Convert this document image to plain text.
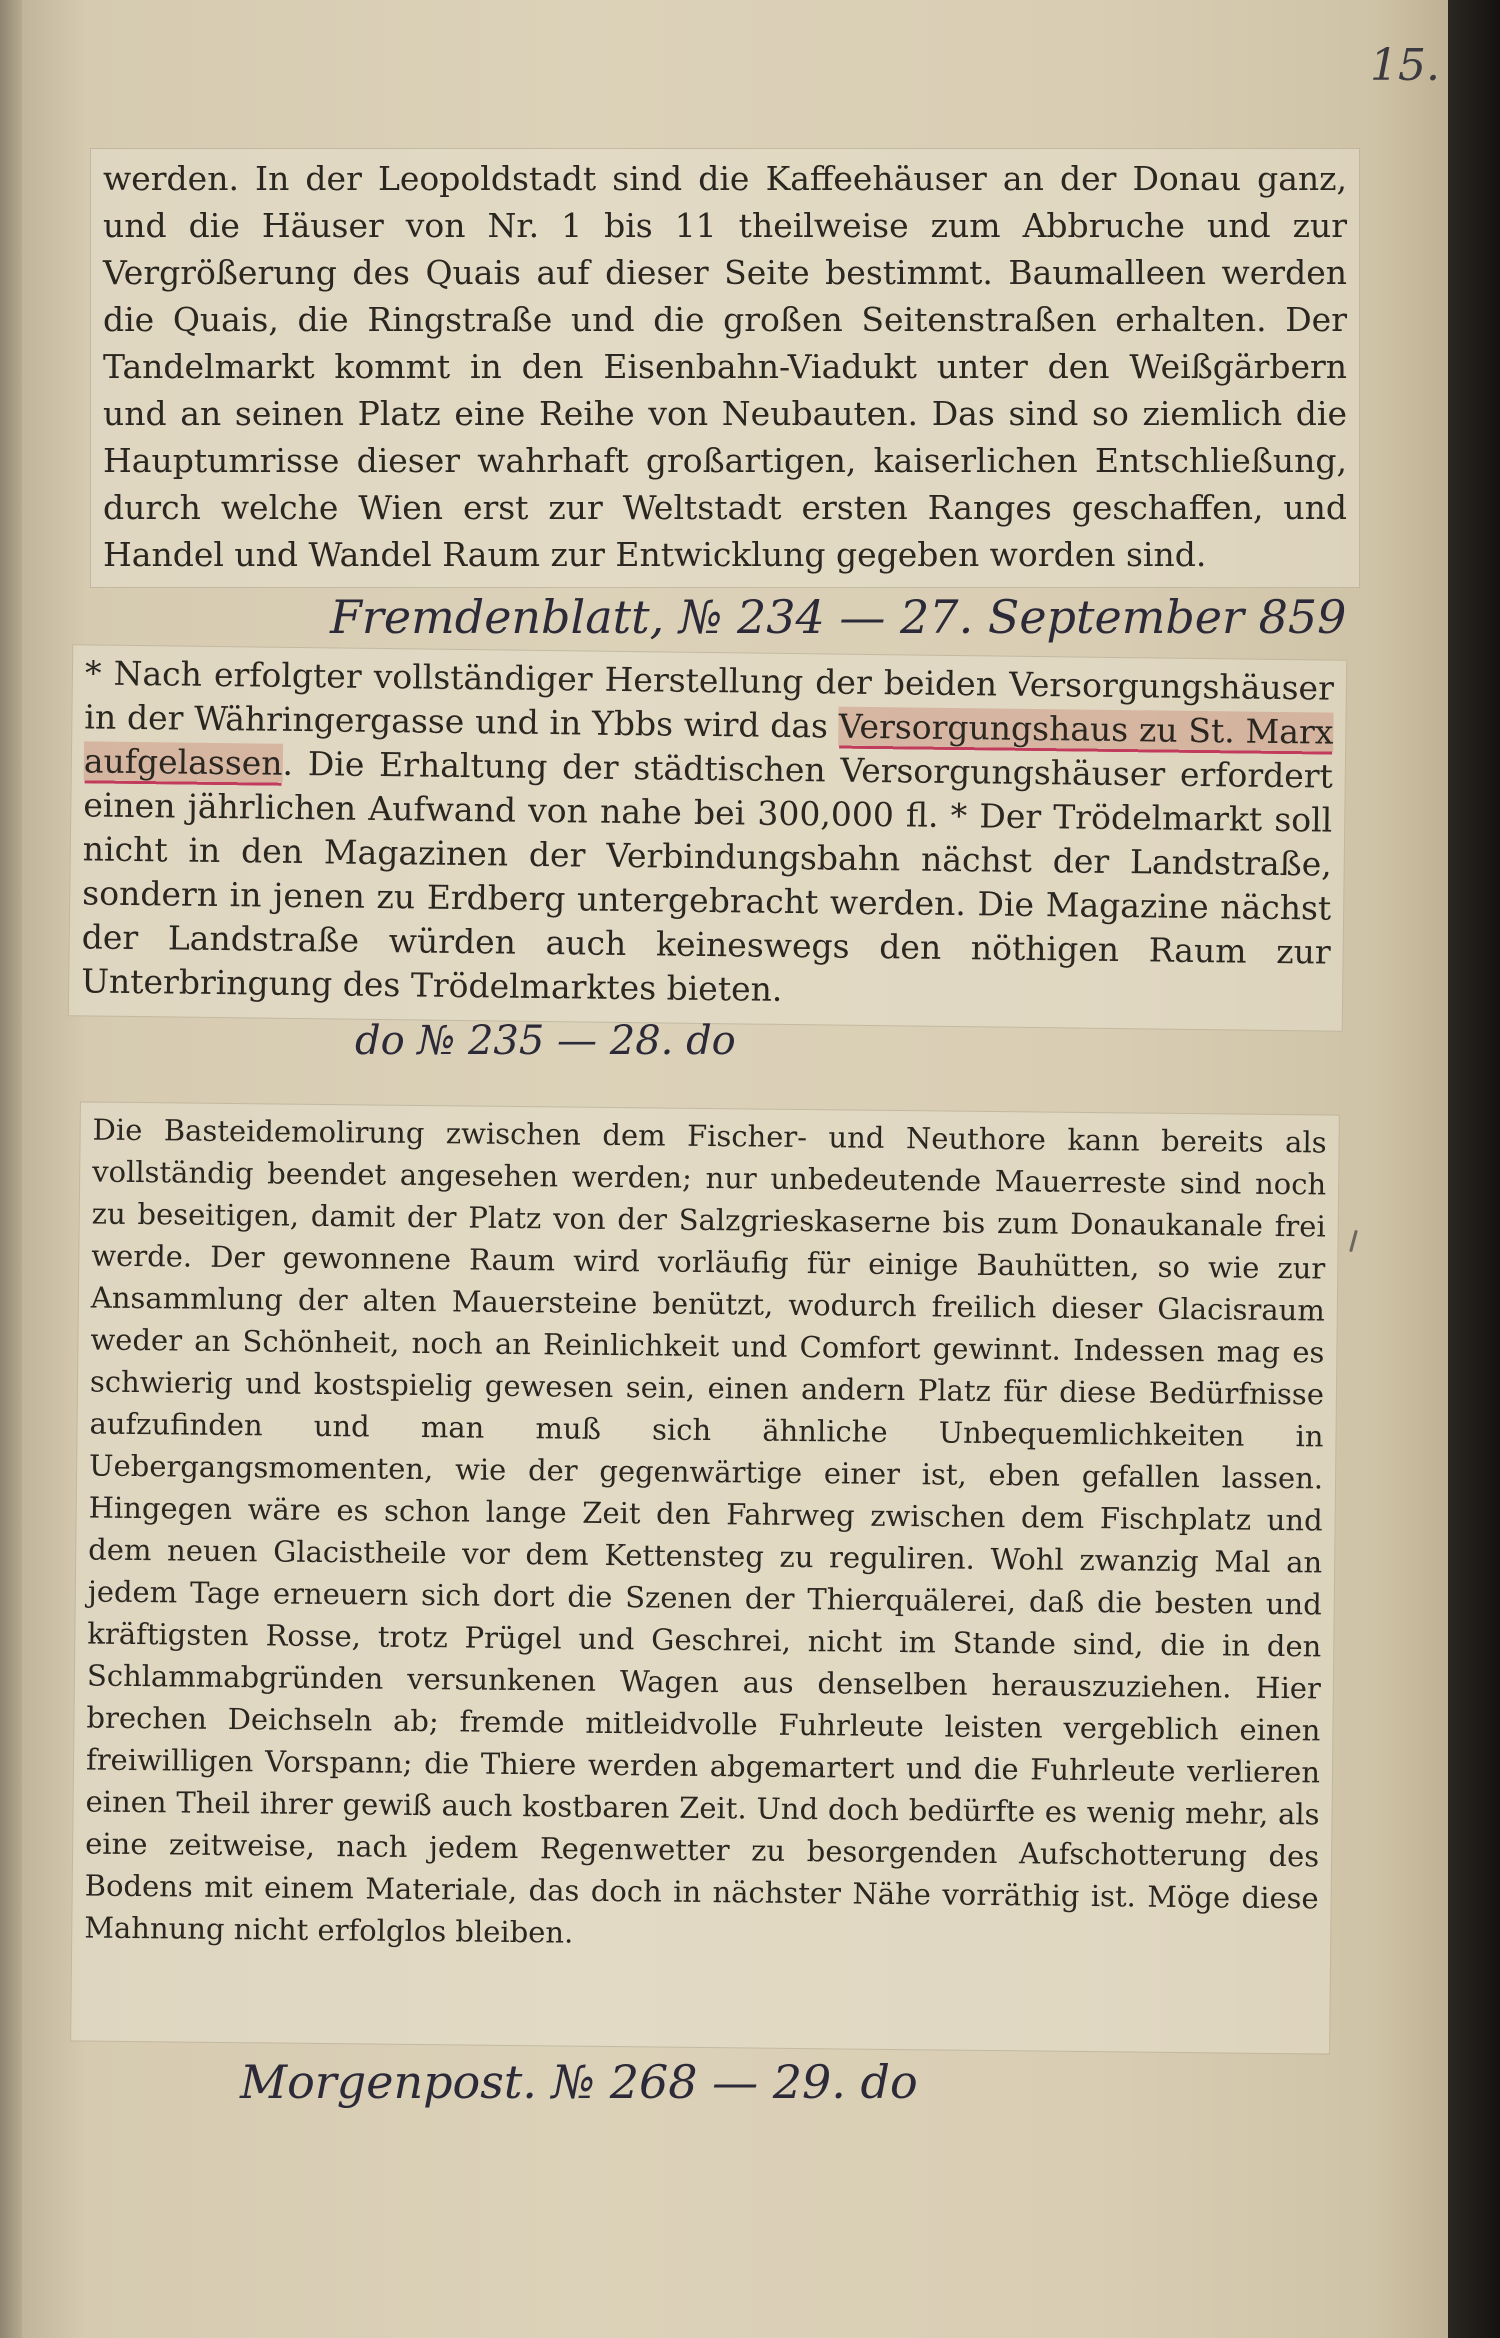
15.

werden. In der Leopoldstadt sind die Kaffeehäuser an der Donau ganz, und die Häuser von Nr. 1 bis 11 theilweise zum Abbruche und zur Vergrößerung des Quais auf dieser Seite bestimmt. Baumalleen werden die Quais, die Ringstraße und die großen Seitenstraßen erhalten. Der Tandelmarkt kommt in den Eisenbahn-Viadukt unter den Weißgärbern und an seinen Platz eine Reihe von Neubauten. Das sind so ziemlich die Hauptumrisse dieser wahrhaft großartigen, kaiserlichen Entschließung, durch welche Wien erst zur Weltstadt ersten Ranges geschaffen, und Handel und Wandel Raum zur Entwicklung gegeben worden sind.

Fremdenblatt, № 234 — 27. September 859

* Nach erfolgter vollständiger Herstellung der beiden Versorgungshäuser in der Währingergasse und in Ybbs wird das Versorgungshaus zu St. Marx aufgelassen. Die Erhaltung der städtischen Versorgungshäuser erfordert einen jährlichen Aufwand von nahe bei 300,000 fl. * Der Trödelmarkt soll nicht in den Magazinen der Verbindungsbahn nächst der Landstraße, sondern in jenen zu Erdberg untergebracht werden. Die Magazine nächst der Landstraße würden auch keineswegs den nöthigen Raum zur Unterbringung des Trödelmarktes bieten.

do № 235 — 28. do

Die Basteidemolirung zwischen dem Fischer- und Neuthore kann bereits als vollständig beendet angesehen werden; nur unbedeutende Mauerreste sind noch zu beseitigen, damit der Platz von der Salzgrieskaserne bis zum Donaukanale frei werde. Der gewonnene Raum wird vorläufig für einige Bauhütten, so wie zur Ansammlung der alten Mauersteine benützt, wodurch freilich dieser Glacisraum weder an Schönheit, noch an Reinlichkeit und Comfort gewinnt. Indessen mag es schwierig und kostspielig gewesen sein, einen andern Platz für diese Bedürfnisse aufzufinden und man muß sich ähnliche Unbequemlichkeiten in Uebergangsmomenten, wie der gegenwärtige einer ist, eben gefallen lassen. Hingegen wäre es schon lange Zeit den Fahrweg zwischen dem Fischplatz und dem neuen Glacistheile vor dem Kettensteg zu reguliren. Wohl zwanzig Mal an jedem Tage erneuern sich dort die Szenen der Thierquälerei, daß die besten und kräftigsten Rosse, trotz Prügel und Geschrei, nicht im Stande sind, die in den Schlammabgründen versunkenen Wagen aus denselben herauszuziehen. Hier brechen Deichseln ab; fremde mitleidvolle Fuhrleute leisten vergeblich einen freiwilligen Vorspann; die Thiere werden abgemartert und die Fuhrleute verlieren einen Theil ihrer gewiß auch kostbaren Zeit. Und doch bedürfte es wenig mehr, als eine zeitweise, nach jedem Regenwetter zu besorgenden Aufschotterung des Bodens mit einem Materiale, das doch in nächster Nähe vorräthig ist. Möge diese Mahnung nicht erfolglos bleiben.

Morgenpost. № 268 — 29. do
